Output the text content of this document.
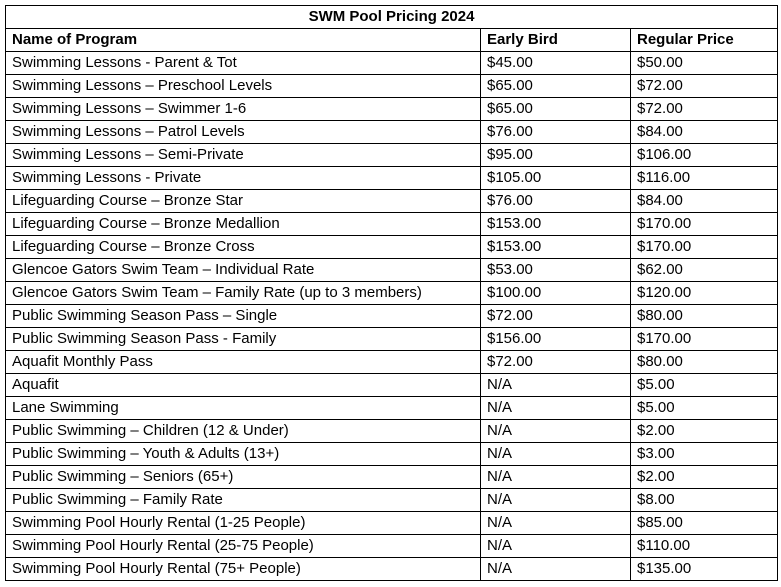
SWM Pool Pricing 2024		
Name of Program	Early Bird	Regular Price
Swimming Lessons - Parent & Tot	$45.00	$50.00
Swimming Lessons – Preschool Levels	$65.00	$72.00
Swimming Lessons – Swimmer 1-6	$65.00	$72.00
Swimming Lessons – Patrol Levels	$76.00	$84.00
Swimming Lessons – Semi-Private	$95.00	$106.00
Swimming Lessons - Private	$105.00	$116.00
Lifeguarding Course – Bronze Star	$76.00	$84.00
Lifeguarding Course – Bronze Medallion	$153.00	$170.00
Lifeguarding Course – Bronze Cross	$153.00	$170.00
Glencoe Gators Swim Team – Individual Rate	$53.00	$62.00
Glencoe Gators Swim Team – Family Rate (up to 3 members)	$100.00	$120.00
Public Swimming Season Pass – Single	$72.00	$80.00
Public Swimming Season Pass - Family	$156.00	$170.00
Aquafit Monthly Pass	$72.00	$80.00
Aquafit	N/A	$5.00
Lane Swimming	N/A	$5.00
Public Swimming – Children (12 & Under)	N/A	$2.00
Public Swimming – Youth & Adults (13+)	N/A	$3.00
Public Swimming – Seniors (65+)	N/A	$2.00
Public Swimming – Family Rate	N/A	$8.00
Swimming Pool Hourly Rental (1-25 People)	N/A	$85.00
Swimming Pool Hourly Rental (25-75 People)	N/A	$110.00
Swimming Pool Hourly Rental (75+ People)	N/A	$135.00
